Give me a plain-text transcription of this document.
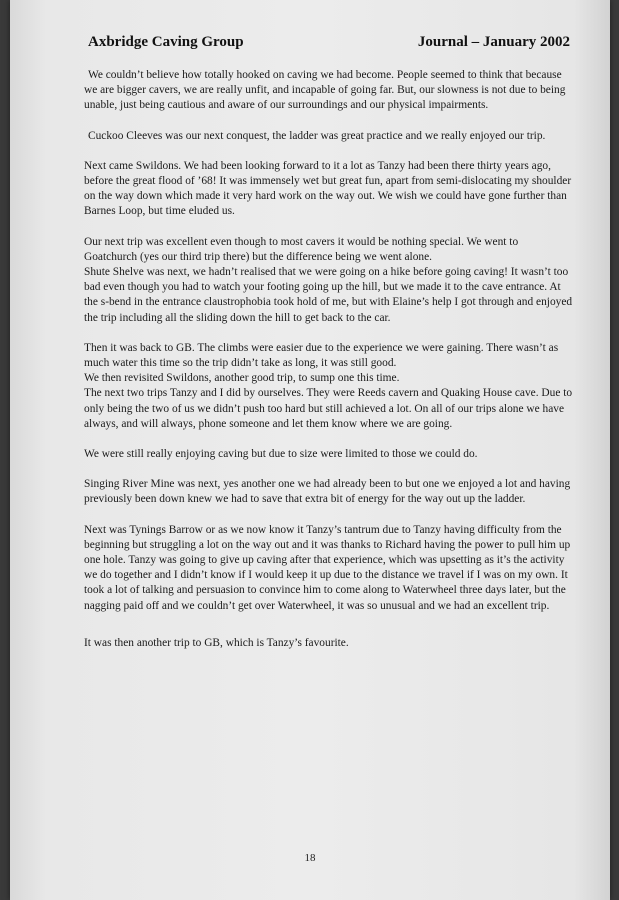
Axbridge Caving Group	Journal – January 2002

We couldn’t believe how totally hooked on caving we had become. People seemed to think that because we are bigger cavers, we are really unfit, and incapable of going far. But, our slowness is not due to being unable, just being cautious and aware of our surroundings and our physical impairments.

Cuckoo Cleeves was our next conquest, the ladder was great practice and we really enjoyed our trip.

Next came Swildons. We had been looking forward to it a lot as Tanzy had been there thirty years ago, before the great flood of ’68! It was immensely wet but great fun, apart from semi-dislocating my shoulder on the way down which made it very hard work on the way out. We wish we could have gone further than Barnes Loop, but time eluded us.

Our next trip was excellent even though to most cavers it would be nothing special. We went to Goatchurch (yes our third trip there) but the difference being we went alone.

Shute Shelve was next, we hadn’t realised that we were going on a hike before going caving! It wasn’t too bad even though you had to watch your footing going up the hill, but we made it to the cave entrance. At the s-bend in the entrance claustrophobia took hold of me, but with Elaine’s help I got through and enjoyed the trip including all the sliding down the hill to get back to the car.

Then it was back to GB. The climbs were easier due to the experience we were gaining. There wasn’t as much water this time so the trip didn’t take as long, it was still good.

We then revisited Swildons, another good trip, to sump one this time.

The next two trips Tanzy and I did by ourselves. They were Reeds cavern and Quaking House cave. Due to only being the two of us we didn’t push too hard but still achieved a lot. On all of our trips alone we have always, and will always, phone someone and let them know where we are going.

We were still really enjoying caving but due to size were limited to those we could do.

Singing River Mine was next, yes another one we had already been to but one we enjoyed a lot and having previously been down knew we had to save that extra bit of energy for the way out up the ladder.

Next was Tynings Barrow or as we now know it Tanzy’s tantrum due to Tanzy having difficulty from the beginning but struggling a lot on the way out and it was thanks to Richard having the power to pull him up one hole. Tanzy was going to give up caving after that experience, which was upsetting as it’s the activity we do together and I didn’t know if I would keep it up due to the distance we travel if I was on my own. It took a lot of talking and persuasion to convince him to come along to Waterwheel three days later, but the nagging paid off and we couldn’t get over Waterwheel, it was so unusual and we had an excellent trip.

It was then another trip to GB, which is Tanzy’s favourite.

18
